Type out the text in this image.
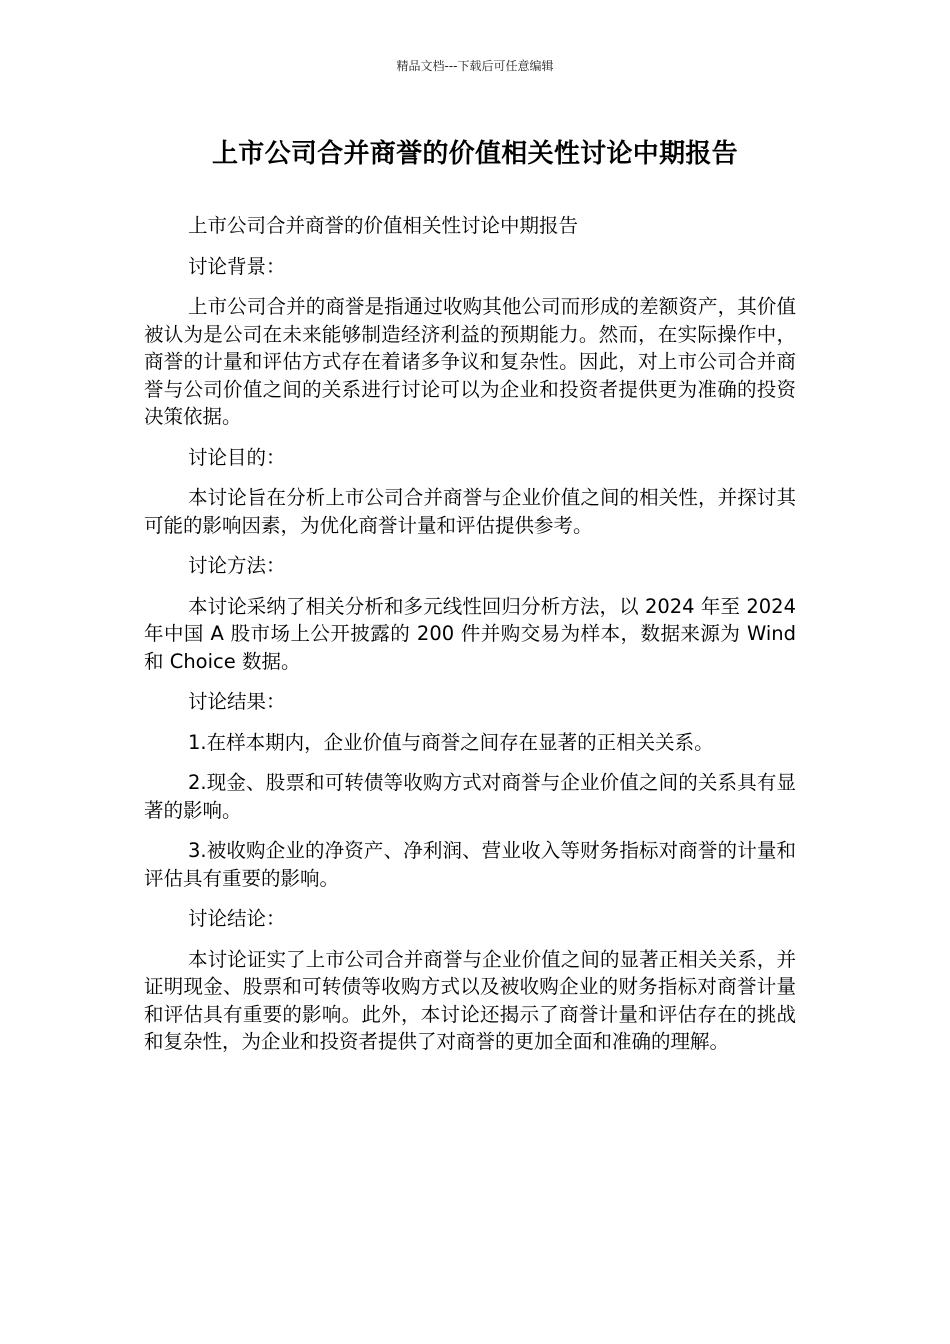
精品文档---下载后可任意编辑
上市公司合并商誉的价值相关性讨论中期报告

上市公司合并商誉的价值相关性讨论中期报告

讨论背景：

上市公司合并的商誉是指通过收购其他公司而形成的差额资产，其价值被认为是公司在未来能够制造经济利益的预期能力。然而，在实际操作中，商誉的计量和评估方式存在着诸多争议和复杂性。因此，对上市公司合并商誉与公司价值之间的关系进行讨论可以为企业和投资者提供更为准确的投资决策依据。

讨论目的：

本讨论旨在分析上市公司合并商誉与企业价值之间的相关性，并探讨其可能的影响因素，为优化商誉计量和评估提供参考。

讨论方法：

本讨论采纳了相关分析和多元线性回归分析方法，以 2024 年至 2024 年中国 A 股市场上公开披露的 200 件并购交易为样本，数据来源为 Wind 和 Choice 数据。

讨论结果：

1.在样本期内，企业价值与商誉之间存在显著的正相关关系。

2.现金、股票和可转债等收购方式对商誉与企业价值之间的关系具有显著的影响。

3.被收购企业的净资产、净利润、营业收入等财务指标对商誉的计量和评估具有重要的影响。

讨论结论：

本讨论证实了上市公司合并商誉与企业价值之间的显著正相关关系，并证明现金、股票和可转债等收购方式以及被收购企业的财务指标对商誉计量和评估具有重要的影响。此外，本讨论还揭示了商誉计量和评估存在的挑战和复杂性，为企业和投资者提供了对商誉的更加全面和准确的理解。
